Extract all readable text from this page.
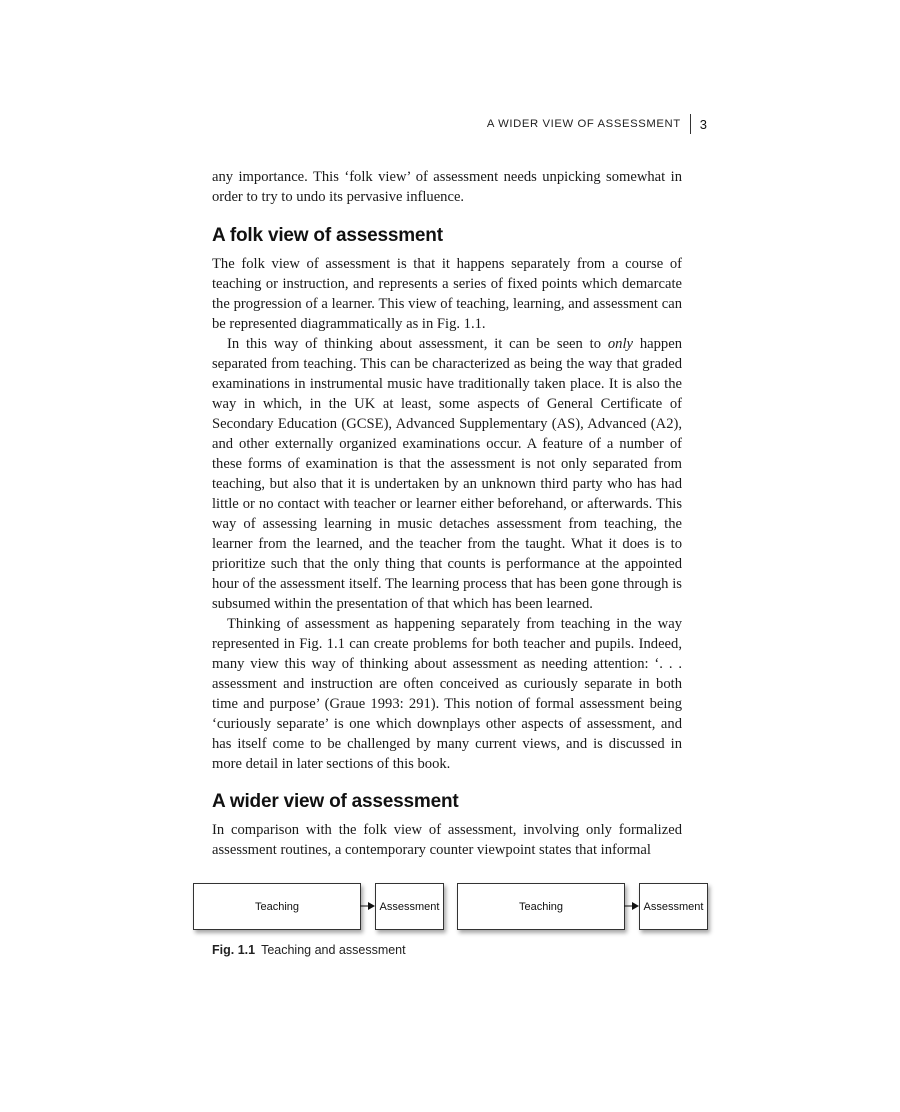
A WIDER VIEW OF ASSESSMENT	3

any importance. This ‘folk view’ of assessment needs unpicking somewhat in order to try to undo its pervasive influence.

A folk view of assessment

The folk view of assessment is that it happens separately from a course of teaching or instruction, and represents a series of fixed points which demarcate the progression of a learner. This view of teaching, learning, and assessment can be represented diagrammatically as in Fig. 1.1.

In this way of thinking about assessment, it can be seen to only happen separated from teaching. This can be characterized as being the way that graded examinations in instrumental music have traditionally taken place. It is also the way in which, in the UK at least, some aspects of General Certificate of Secondary Education (GCSE), Advanced Supplementary (AS), Advanced (A2), and other externally organized examinations occur. A feature of a number of these forms of examination is that the assessment is not only separated from teaching, but also that it is undertaken by an unknown third party who has had little or no contact with teacher or learner either beforehand, or afterwards. This way of assessing learning in music detaches assessment from teaching, the learner from the learned, and the teacher from the taught. What it does is to prioritize such that the only thing that counts is performance at the appointed hour of the assessment itself. The learning process that has been gone through is subsumed within the presentation of that which has been learned.

Thinking of assessment as happening separately from teaching in the way represented in Fig. 1.1 can create problems for both teacher and pupils. Indeed, many view this way of thinking about assessment as needing attention: ‘. . . assessment and instruction are often conceived as curiously separate in both time and purpose’ (Graue 1993: 291). This notion of formal assessment being ‘curiously separate’ is one which downplays other aspects of assessment, and has itself come to be challenged by many current views, and is discussed in more detail in later sections of this book.

A wider view of assessment

In comparison with the folk view of assessment, involving only formalized assessment routines, a contemporary counter viewpoint states that informal

Teaching	Assessment	Teaching	Assessment
Fig. 1.1 Teaching and assessment
